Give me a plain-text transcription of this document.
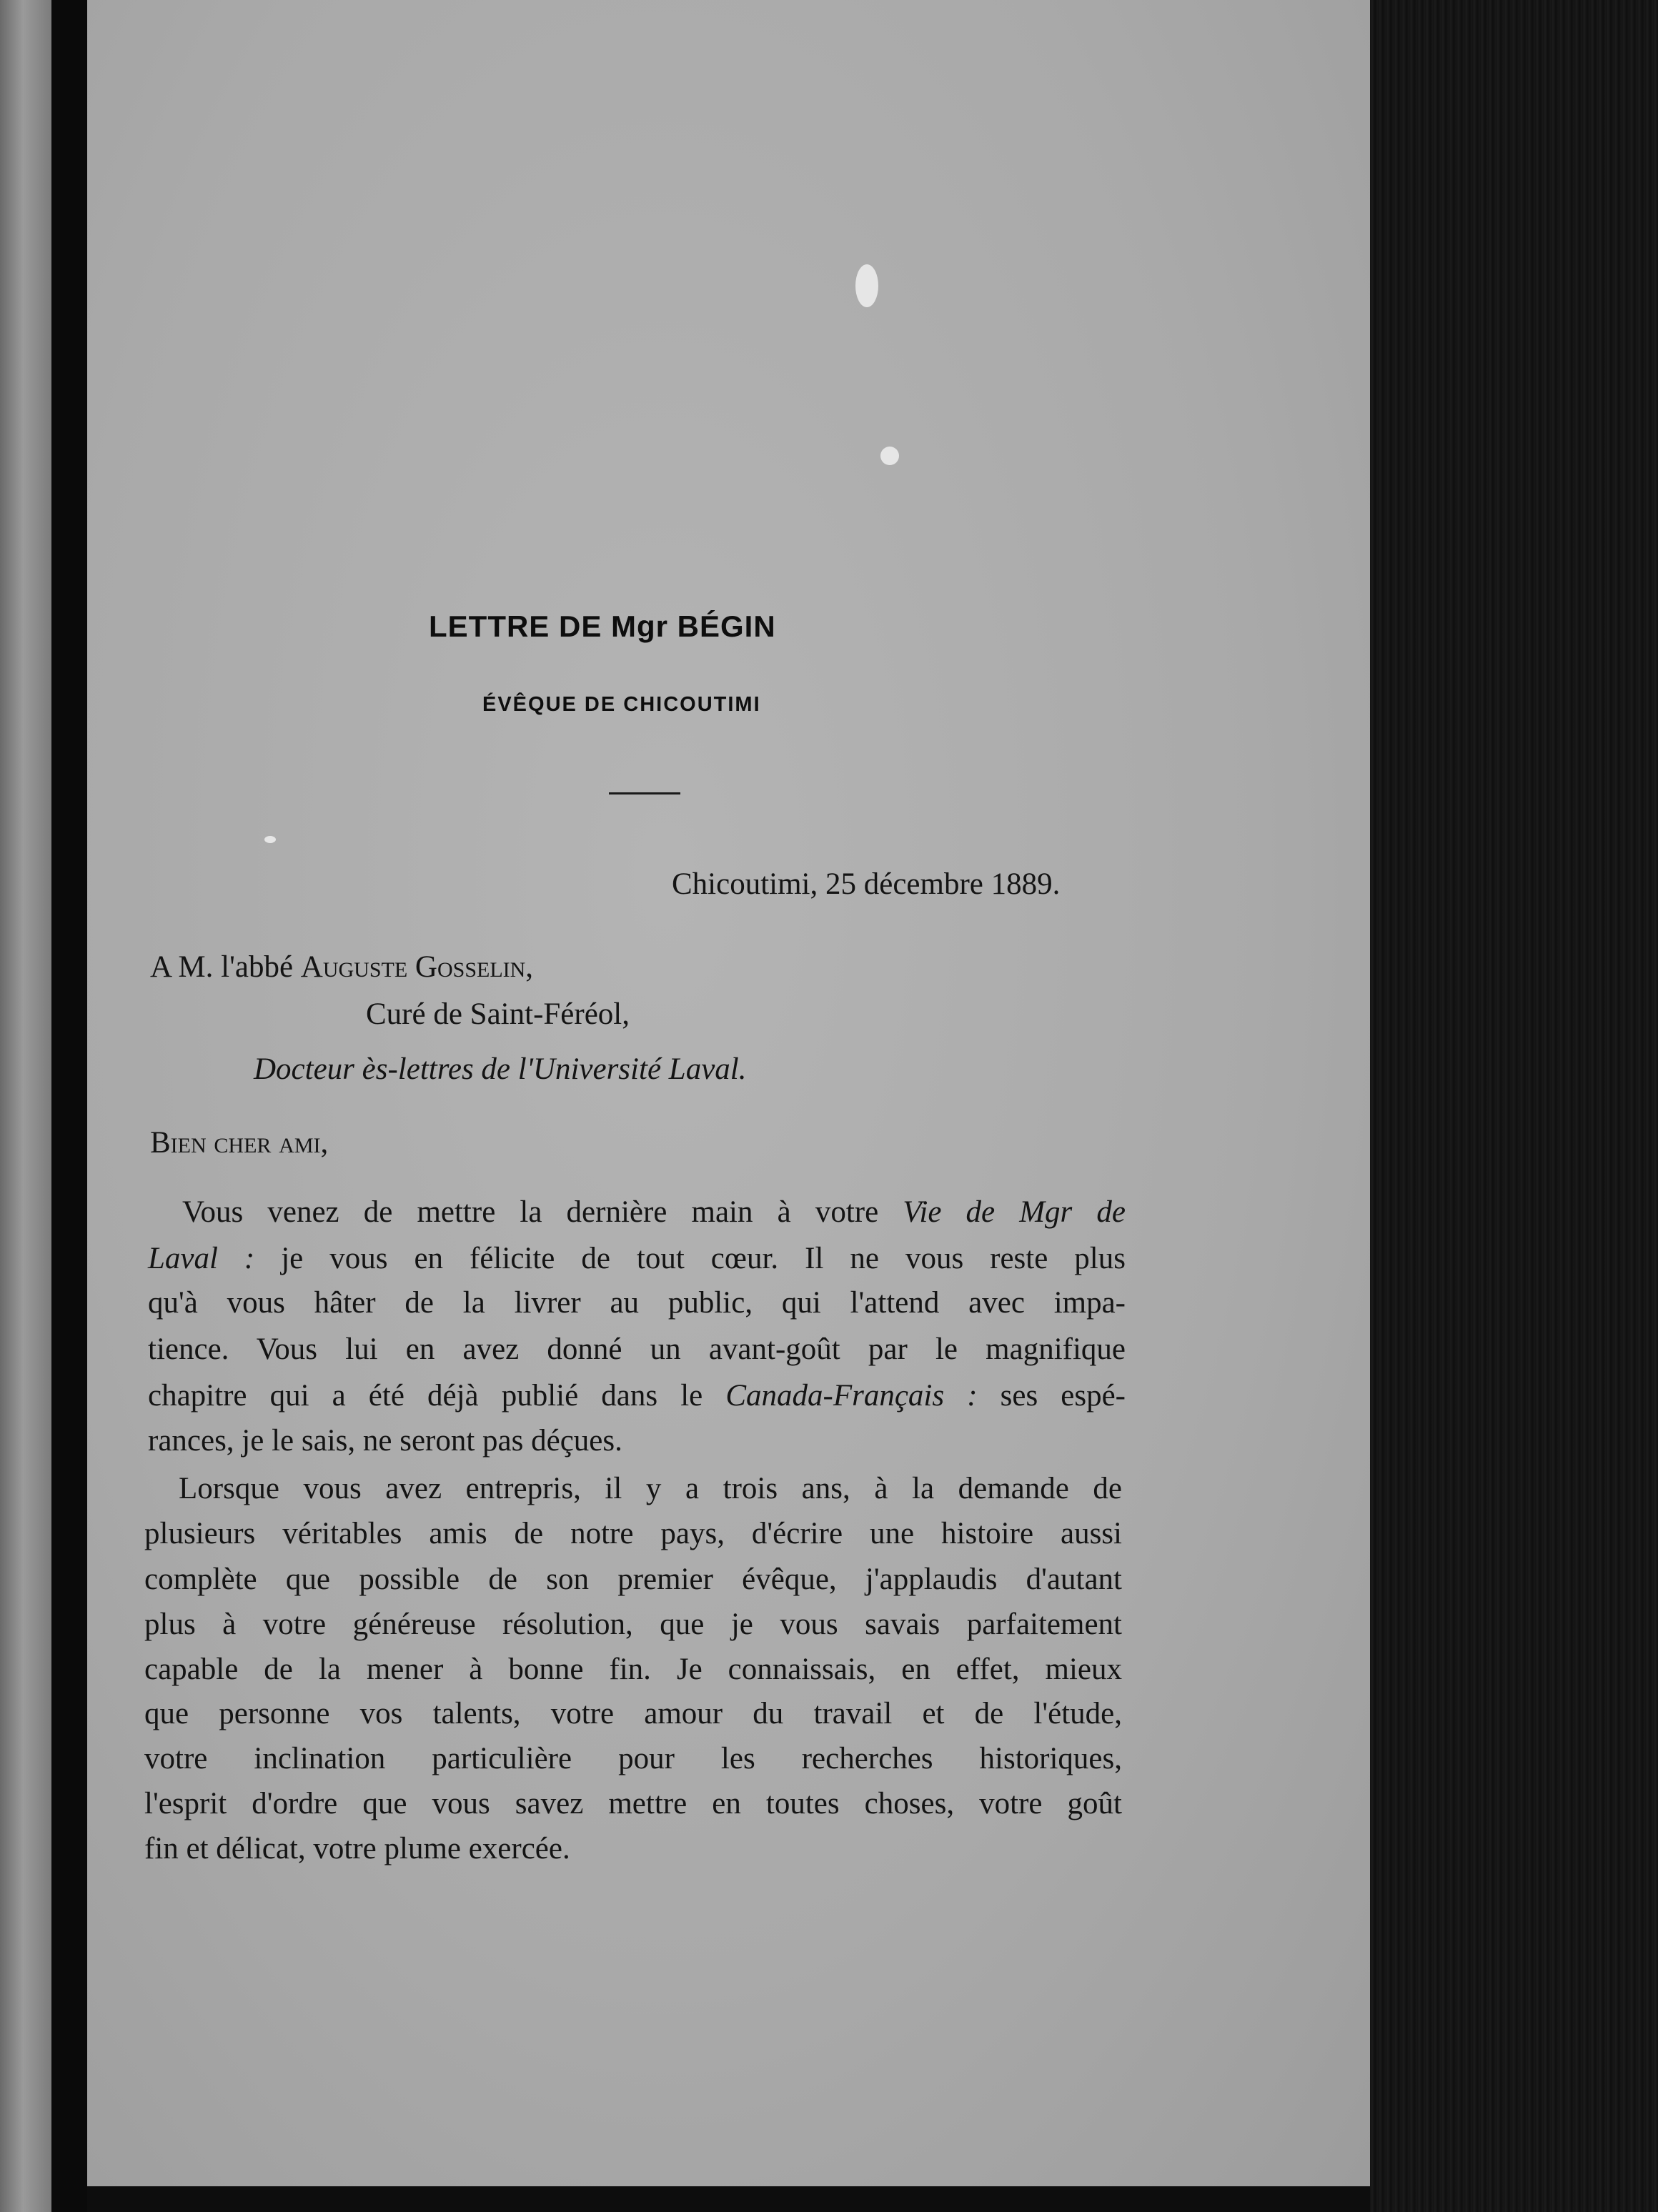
LETTRE DE Mgr BÉGIN

ÉVÊQUE DE CHICOUTIMI

Chicoutimi, 25 décembre 1889.

A M. l'abbé Auguste Gosselin,

Curé de Saint-Féréol,

Docteur ès-lettres de l'Université Laval.

Bien cher ami,

Vous venez de mettre la dernière main à votre Vie de Mgr de

Laval : je vous en félicite de tout cœur. Il ne vous reste plus

qu'à vous hâter de la livrer au public, qui l'attend avec impa-

tience. Vous lui en avez donné un avant-goût par le magnifique

chapitre qui a été déjà publié dans le Canada-Français : ses espé-

rances, je le sais, ne seront pas déçues.

Lorsque vous avez entrepris, il y a trois ans, à la demande de

plusieurs véritables amis de notre pays, d'écrire une histoire aussi

complète que possible de son premier évêque, j'applaudis d'autant

plus à votre généreuse résolution, que je vous savais parfaitement

capable de la mener à bonne fin. Je connaissais, en effet, mieux

que personne vos talents, votre amour du travail et de l'étude,

votre inclination particulière pour les recherches historiques,

l'esprit d'ordre que vous savez mettre en toutes choses, votre goût

fin et délicat, votre plume exercée.
